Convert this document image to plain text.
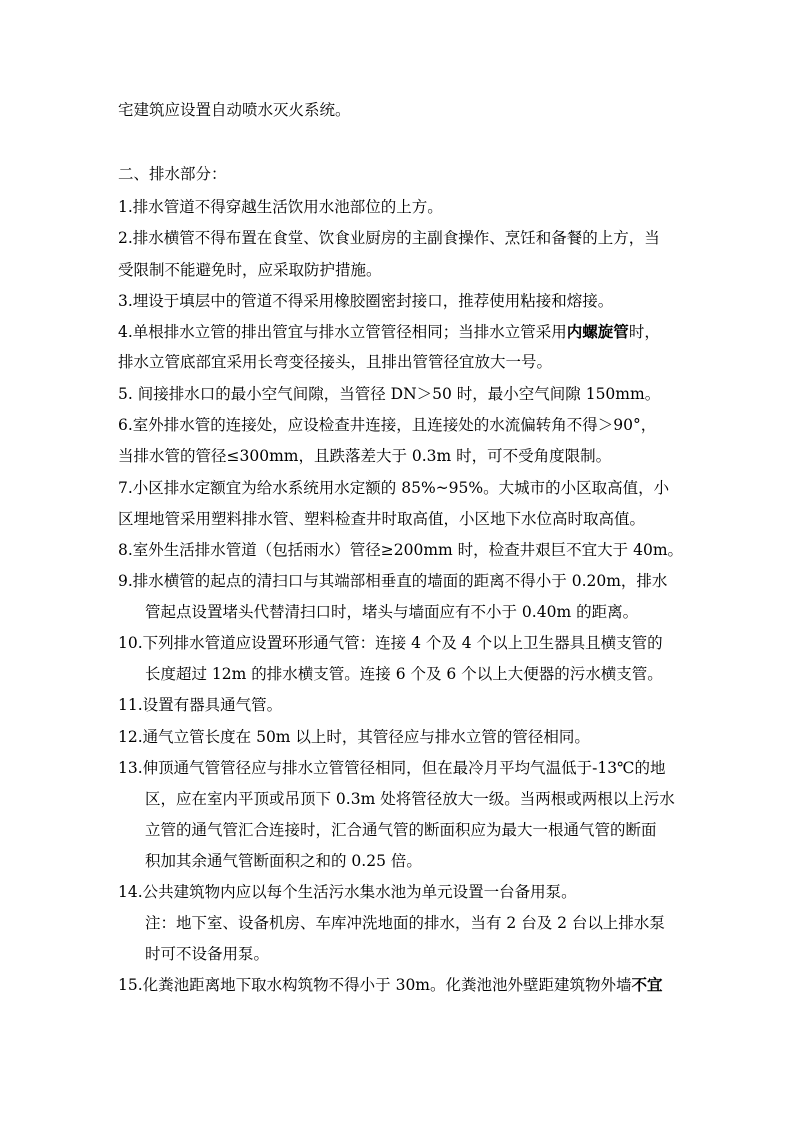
宅建筑应设置自动喷水灭火系统。
二、排水部分：
1.排水管道不得穿越生活饮用水池部位的上方。
2.排水横管不得布置在食堂、饮食业厨房的主副食操作、烹饪和备餐的上方，当
受限制不能避免时，应采取防护措施。
3.埋设于填层中的管道不得采用橡胶圈密封接口，推荐使用粘接和熔接。
4.单根排水立管的排出管宜与排水立管管径相同；当排水立管采用内螺旋管时，
排水立管底部宜采用长弯变径接头，且排出管管径宜放大一号。
5. 间接排水口的最小空气间隙，当管径 DN＞50 时，最小空气间隙 150mm。
6.室外排水管的连接处，应设检查井连接，且连接处的水流偏转角不得＞90°，
当排水管的管径≤300mm，且跌落差大于 0.3m 时，可不受角度限制。
7.小区排水定额宜为给水系统用水定额的 85%~95%。大城市的小区取高值，小
区埋地管采用塑料排水管、塑料检查井时取高值，小区地下水位高时取高值。
8.室外生活排水管道（包括雨水）管径≥200mm 时，检查井艰巨不宜大于 40m。
9.排水横管的起点的清扫口与其端部相垂直的墙面的距离不得小于 0.20m，排水
管起点设置堵头代替清扫口时，堵头与墙面应有不小于 0.40m 的距离。
10.下列排水管道应设置环形通气管：连接 4 个及 4 个以上卫生器具且横支管的
长度超过 12m 的排水横支管。连接 6 个及 6 个以上大便器的污水横支管。
11.设置有器具通气管。
12.通气立管长度在 50m 以上时，其管径应与排水立管的管径相同。
13.伸顶通气管管径应与排水立管管径相同，但在最冷月平均气温低于-13℃的地
区，应在室内平顶或吊顶下 0.3m 处将管径放大一级。当两根或两根以上污水
立管的通气管汇合连接时，汇合通气管的断面积应为最大一根通气管的断面
积加其余通气管断面积之和的 0.25 倍。
14.公共建筑物内应以每个生活污水集水池为单元设置一台备用泵。
注：地下室、设备机房、车库冲洗地面的排水，当有 2 台及 2 台以上排水泵
时可不设备用泵。
15.化粪池距离地下取水构筑物不得小于 30m。化粪池池外壁距建筑物外墙不宜
